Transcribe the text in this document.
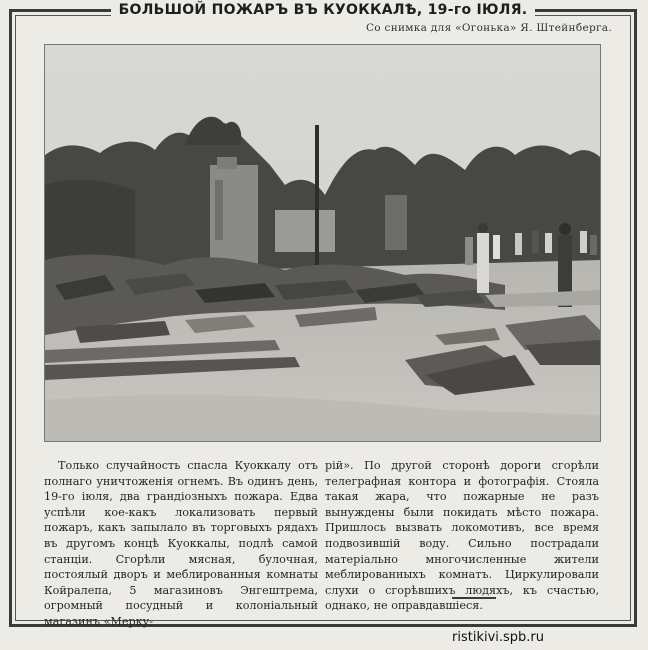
БОЛЬШОЙ ПОЖАРЪ ВЪ КУОККАЛѢ, 19-го ІЮЛЯ.
Со снимка для «Огонька» Я. Штейнберга.

Только случайность спасла Куоккалу отъ полнаго уничтоженія огнемъ. Въ одинъ день, 19-го іюля, два грандіозныхъ пожара. Едва успѣли кое-какъ локализовать первый пожаръ, какъ запылало въ торговыхъ рядахъ въ другомъ концѣ Куоккалы, подлѣ самой станціи. Сгорѣли мясная, булочная, постоялый дворъ и меблированныя комнаты Койралепа, 5 магазиновъ Энгештрема, огромный посудный и колоніальный магазинъ «Мерку-

рій». По другой сторонѣ дороги сгорѣли телеграфная контора и фотографія. Стояла такая жара, что пожарные не разъ вынуждены были покидать мѣсто пожара. Пришлось вызвать локомотивъ, все время подвозившій воду. Сильно пострадали матеріально многочисленные жители меблированныхъ комнатъ. Циркулировали слухи о сгорѣвшихъ людяхъ, къ счастью, однако, не оправдавшіеся.

ristikivi.spb.ru
